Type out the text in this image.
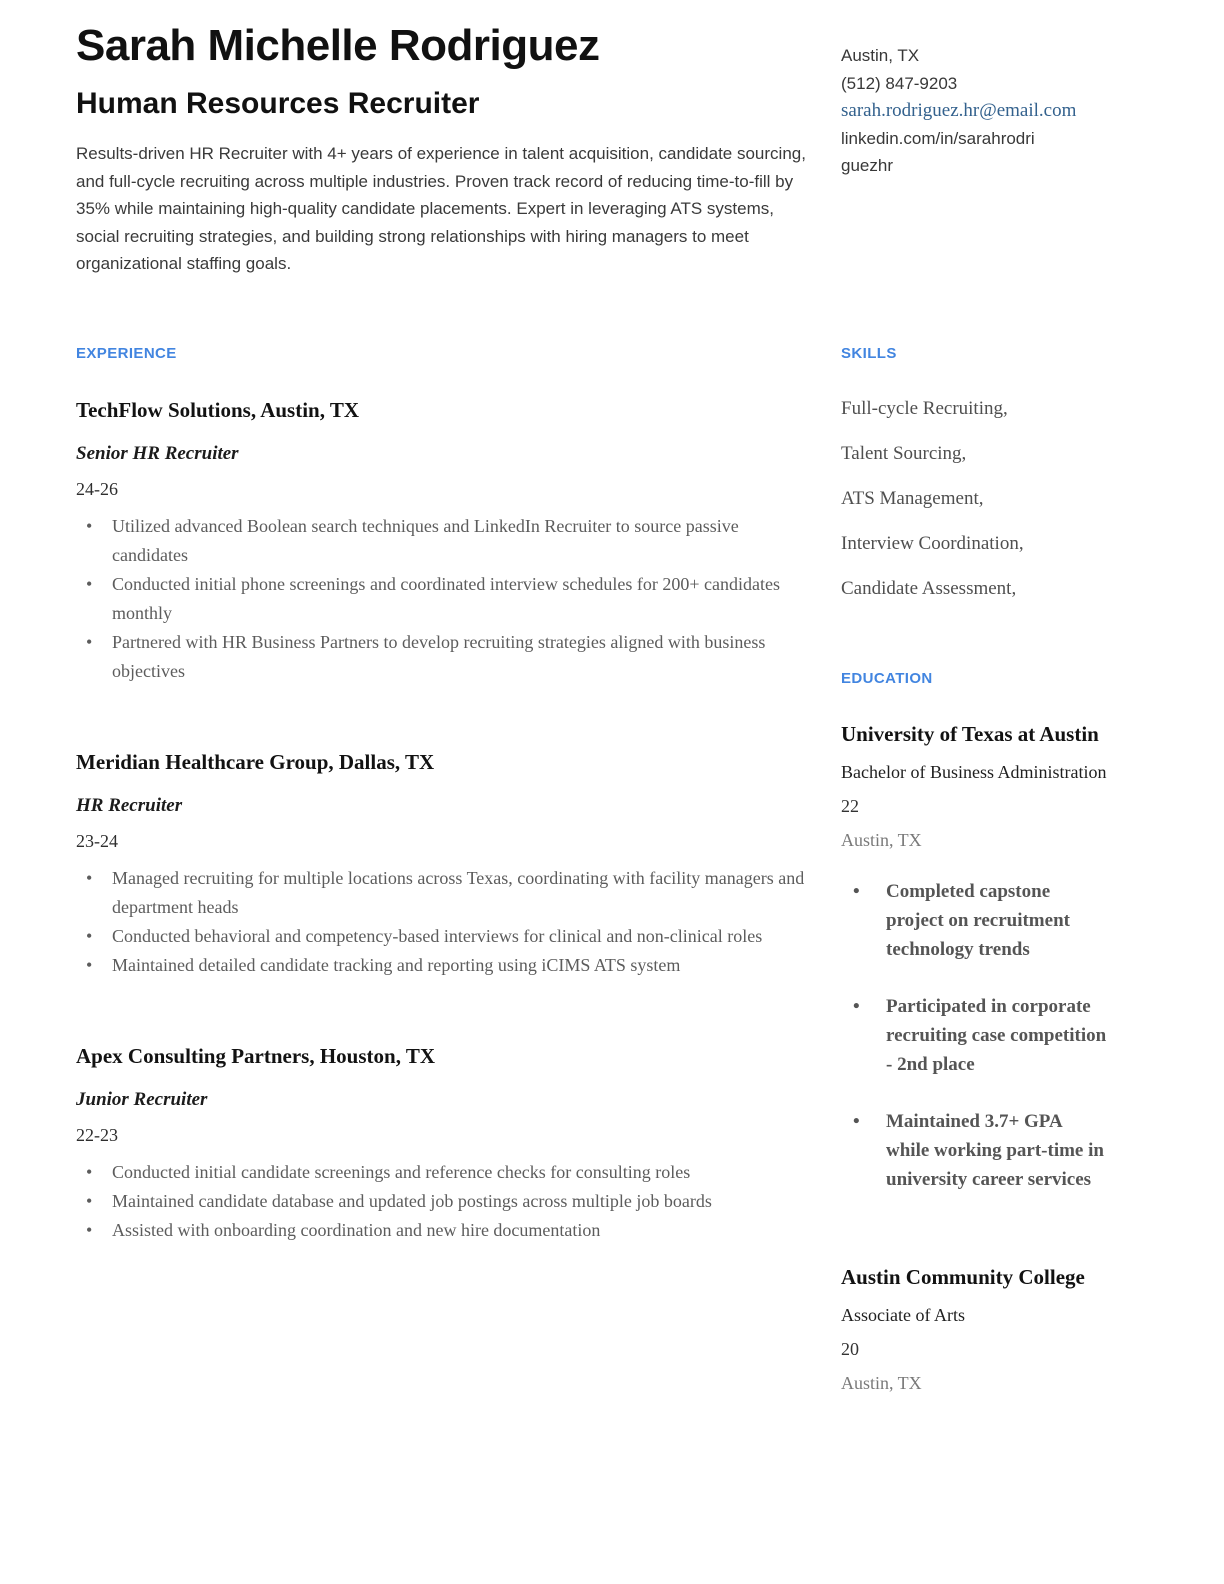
Sarah Michelle Rodriguez
Human Resources Recruiter

Results-driven HR Recruiter with 4+ years of experience in talent acquisition, candidate sourcing, and full-cycle recruiting across multiple industries. Proven track record of reducing time-to-fill by 35% while maintaining high-quality candidate placements. Expert in leveraging ATS systems, social recruiting strategies, and building strong relationships with hiring managers to meet organizational staffing goals.

Austin, TX
(512) 847-9203
sarah.rodriguez.hr@email.com
linkedin.com/in/sarahrodriguezhr
EXPERIENCE
TechFlow Solutions, Austin, TX
Senior HR Recruiter
24-26
• Utilized advanced Boolean search techniques and LinkedIn Recruiter to source passive candidates
• Conducted initial phone screenings and coordinated interview schedules for 200+ candidates monthly
• Partnered with HR Business Partners to develop recruiting strategies aligned with business objectives
Meridian Healthcare Group, Dallas, TX
HR Recruiter
23-24
• Managed recruiting for multiple locations across Texas, coordinating with facility managers and department heads
• Conducted behavioral and competency-based interviews for clinical and non-clinical roles
• Maintained detailed candidate tracking and reporting using iCIMS ATS system
Apex Consulting Partners, Houston, TX
Junior Recruiter
22-23
• Conducted initial candidate screenings and reference checks for consulting roles
• Maintained candidate database and updated job postings across multiple job boards
• Assisted with onboarding coordination and new hire documentation
SKILLS
Full-cycle Recruiting,
Talent Sourcing,
ATS Management,
Interview Coordination,
Candidate Assessment,
EDUCATION
University of Texas at Austin
Bachelor of Business Administration
22
Austin, TX
• Completed capstone project on recruitment technology trends
• Participated in corporate recruiting case competition - 2nd place
• Maintained 3.7+ GPA while working part-time in university career services
Austin Community College
Associate of Arts
20
Austin, TX
